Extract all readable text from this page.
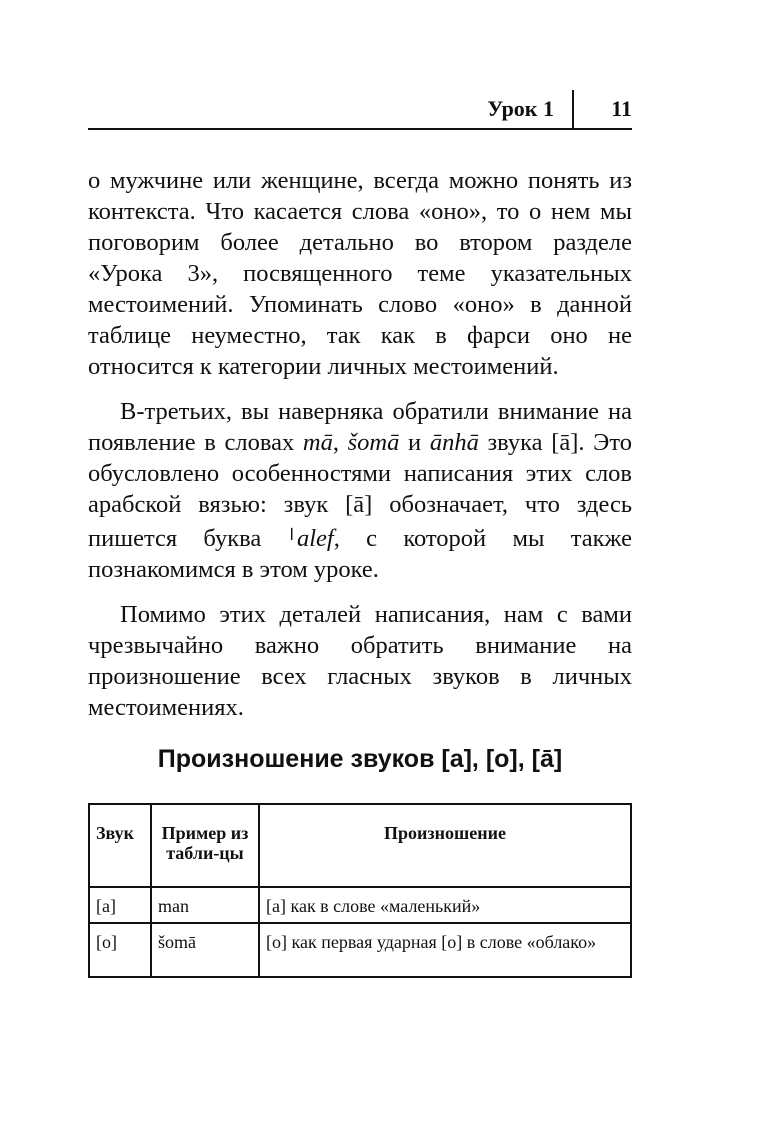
Урок 1	11

о мужчине или женщине, всегда можно понять из контекста. Что касается слова «оно», то о нем мы поговорим более детально во втором разделе «Урока 3», посвященного теме указательных местоимений. Упоминать слово «оно» в данной таблице неуместно, так как в фарси оно не относится к категории личных местоимений.

В-третьих, вы наверняка обратили внимание на появление в словах mā, šomā и ānhā звука [ā]. Это обусловлено особенностями написания этих слов арабской вязью: звук [ā] обозначает, что здесь пишется буква $^ا$ alef, с которой мы также познакомимся в этом уроке.

Помимо этих деталей написания, нам с вами чрезвычайно важно обратить внимание на произношение всех гласных звуков в личных местоимениях.

Произношение звуков [a], [o], [ā]
Звук	Пример из табли-цы	Произношение
[a]	man	[a] как в слове «маленький»
[o]	šomā	[o] как первая ударная [o] в слове «облако»
